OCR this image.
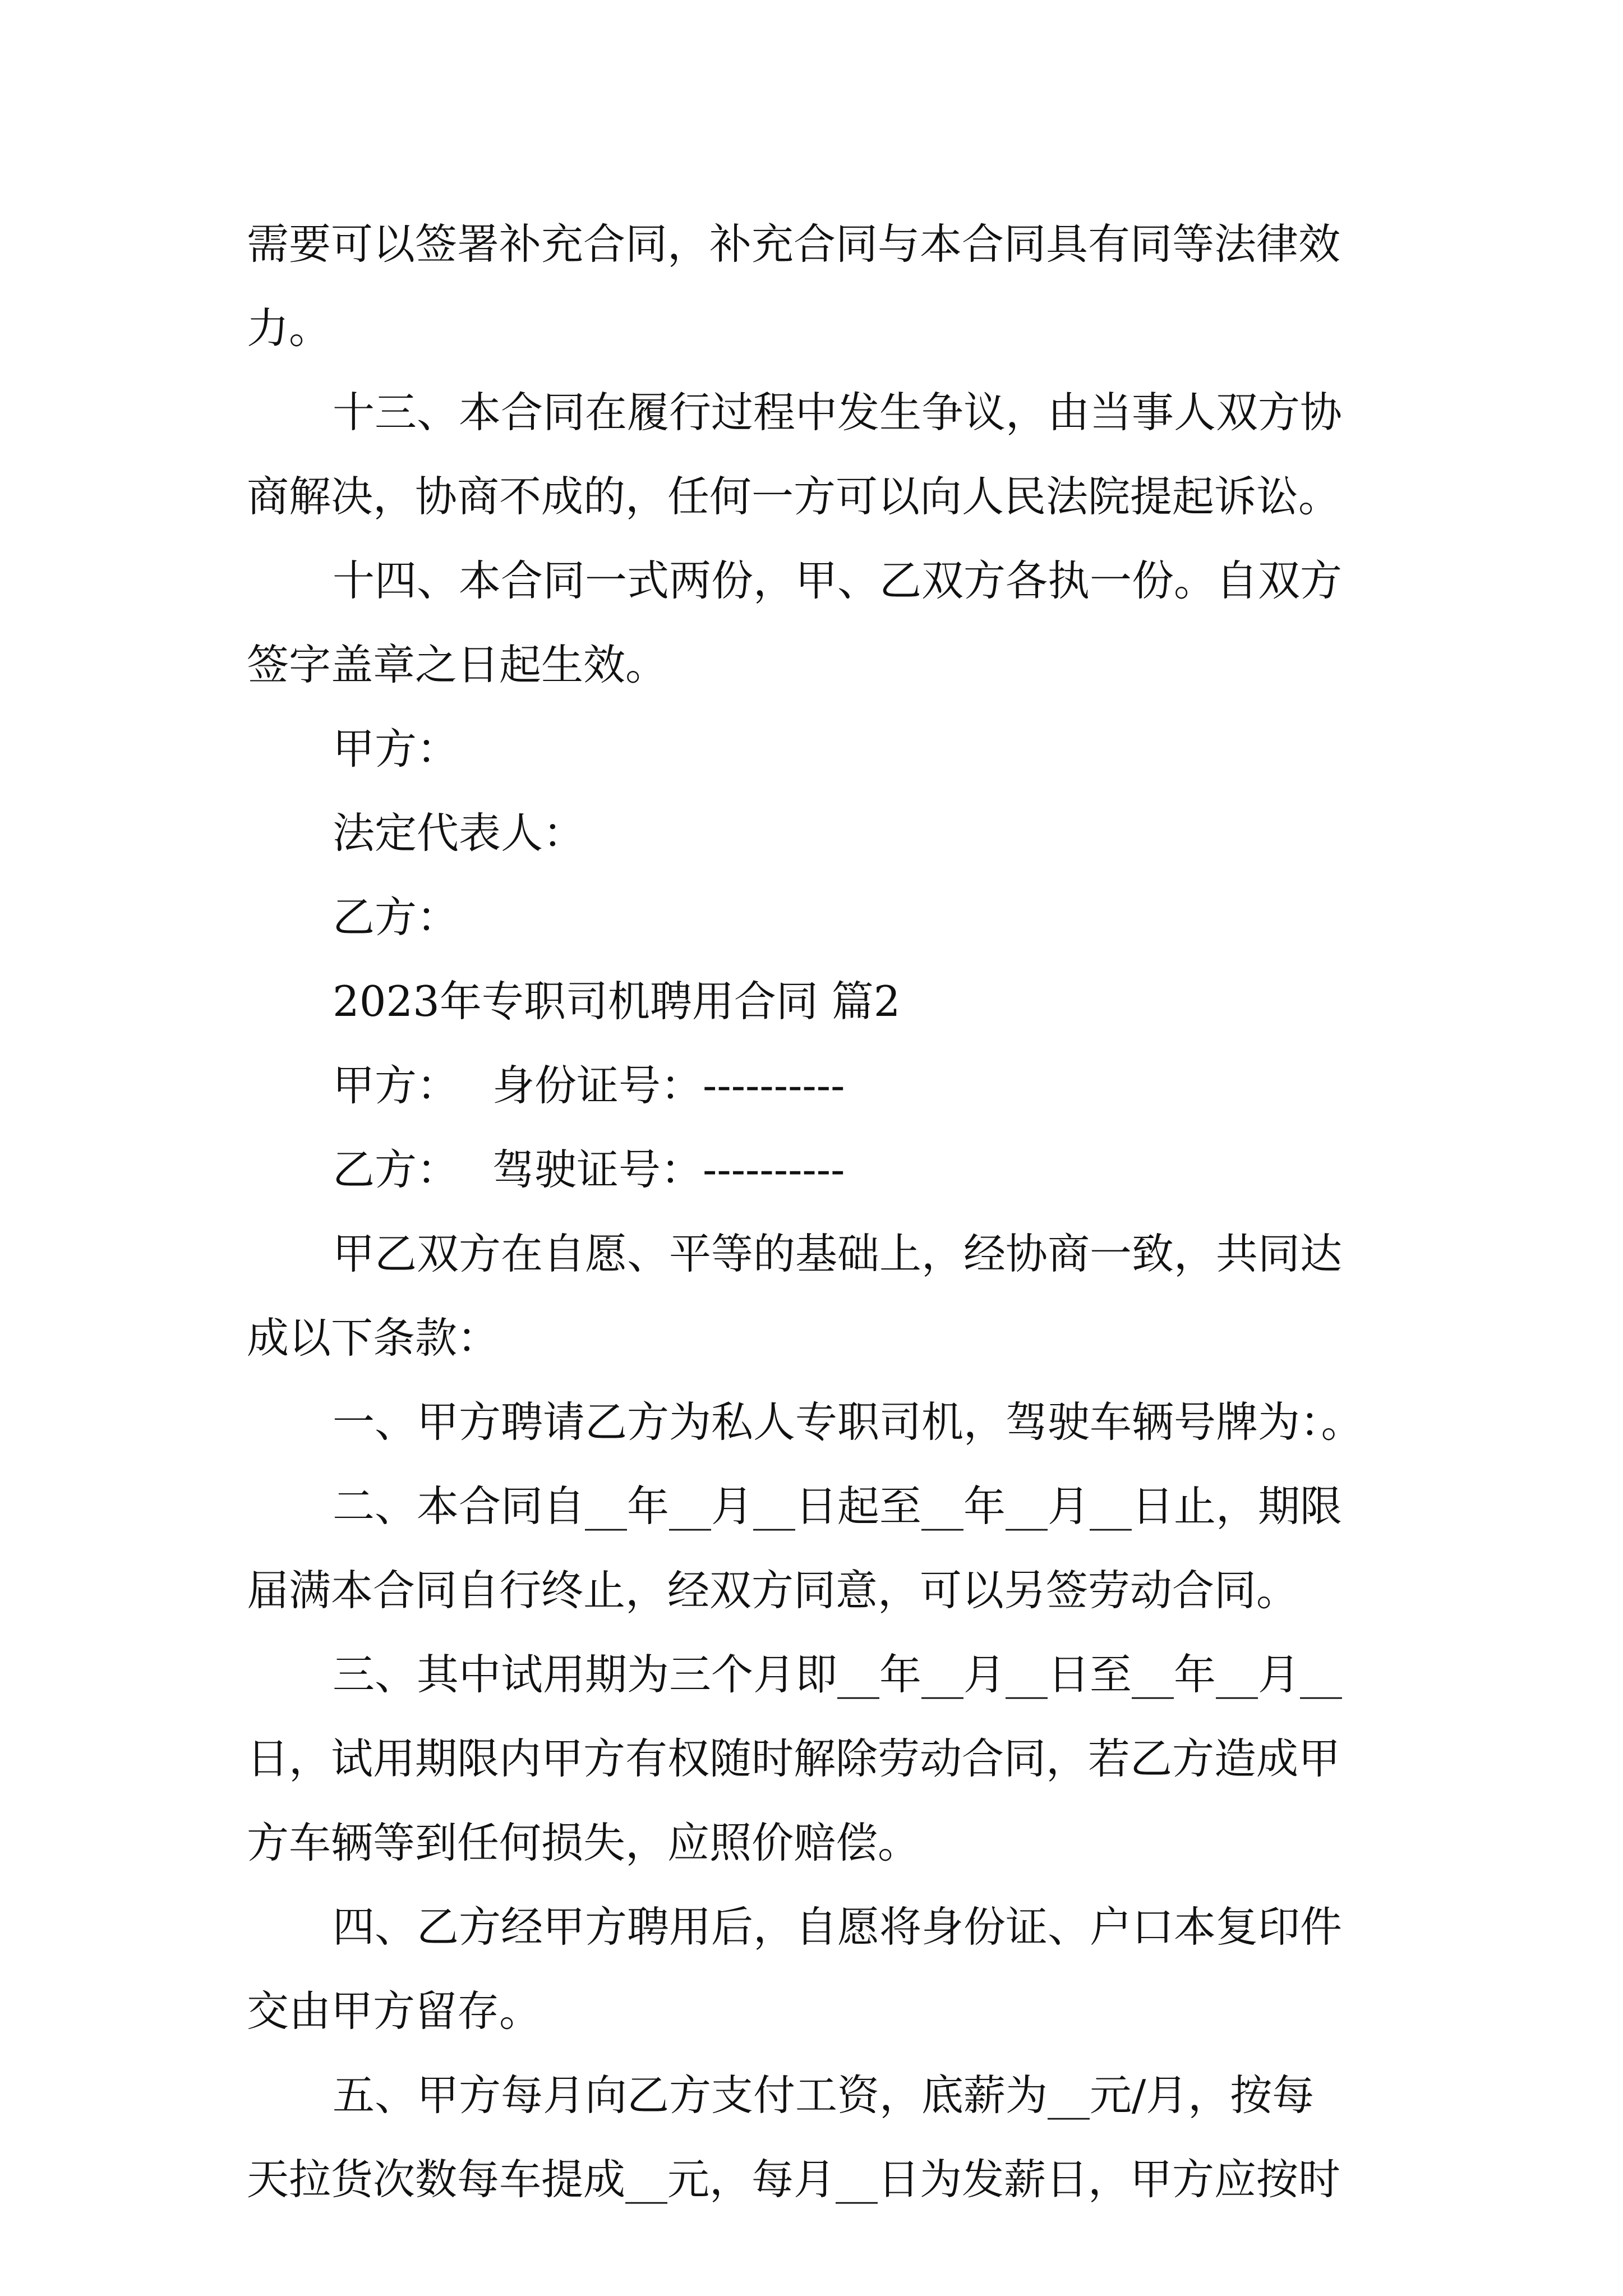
需要可以签署补充合同，补充合同与本合同具有同等法律效
力。
十三、本合同在履行过程中发生争议，由当事人双方协
商解决，协商不成的，任何一方可以向人民法院提起诉讼。
十四、本合同一式两份，甲、乙双方各执一份。自双方
签字盖章之日起生效。
甲方：
法定代表人：
乙方：
2023年专职司机聘用合同 篇2
甲方： 身份证号：----------
乙方： 驾驶证号：----------
甲乙双方在自愿、平等的基础上，经协商一致，共同达
成以下条款：
一、甲方聘请乙方为私人专职司机，驾驶车辆号牌为：。
二、本合同自__年__月__日起至__年__月__日止，期限
届满本合同自行终止，经双方同意，可以另签劳动合同。
三、其中试用期为三个月即__年__月__日至__年__月__
日，试用期限内甲方有权随时解除劳动合同，若乙方造成甲
方车辆等到任何损失，应照价赔偿。
四、乙方经甲方聘用后，自愿将身份证、户口本复印件
交由甲方留存。
五、甲方每月向乙方支付工资，底薪为__元/月，按每
天拉货次数每车提成__元，每月__日为发薪日，甲方应按时
